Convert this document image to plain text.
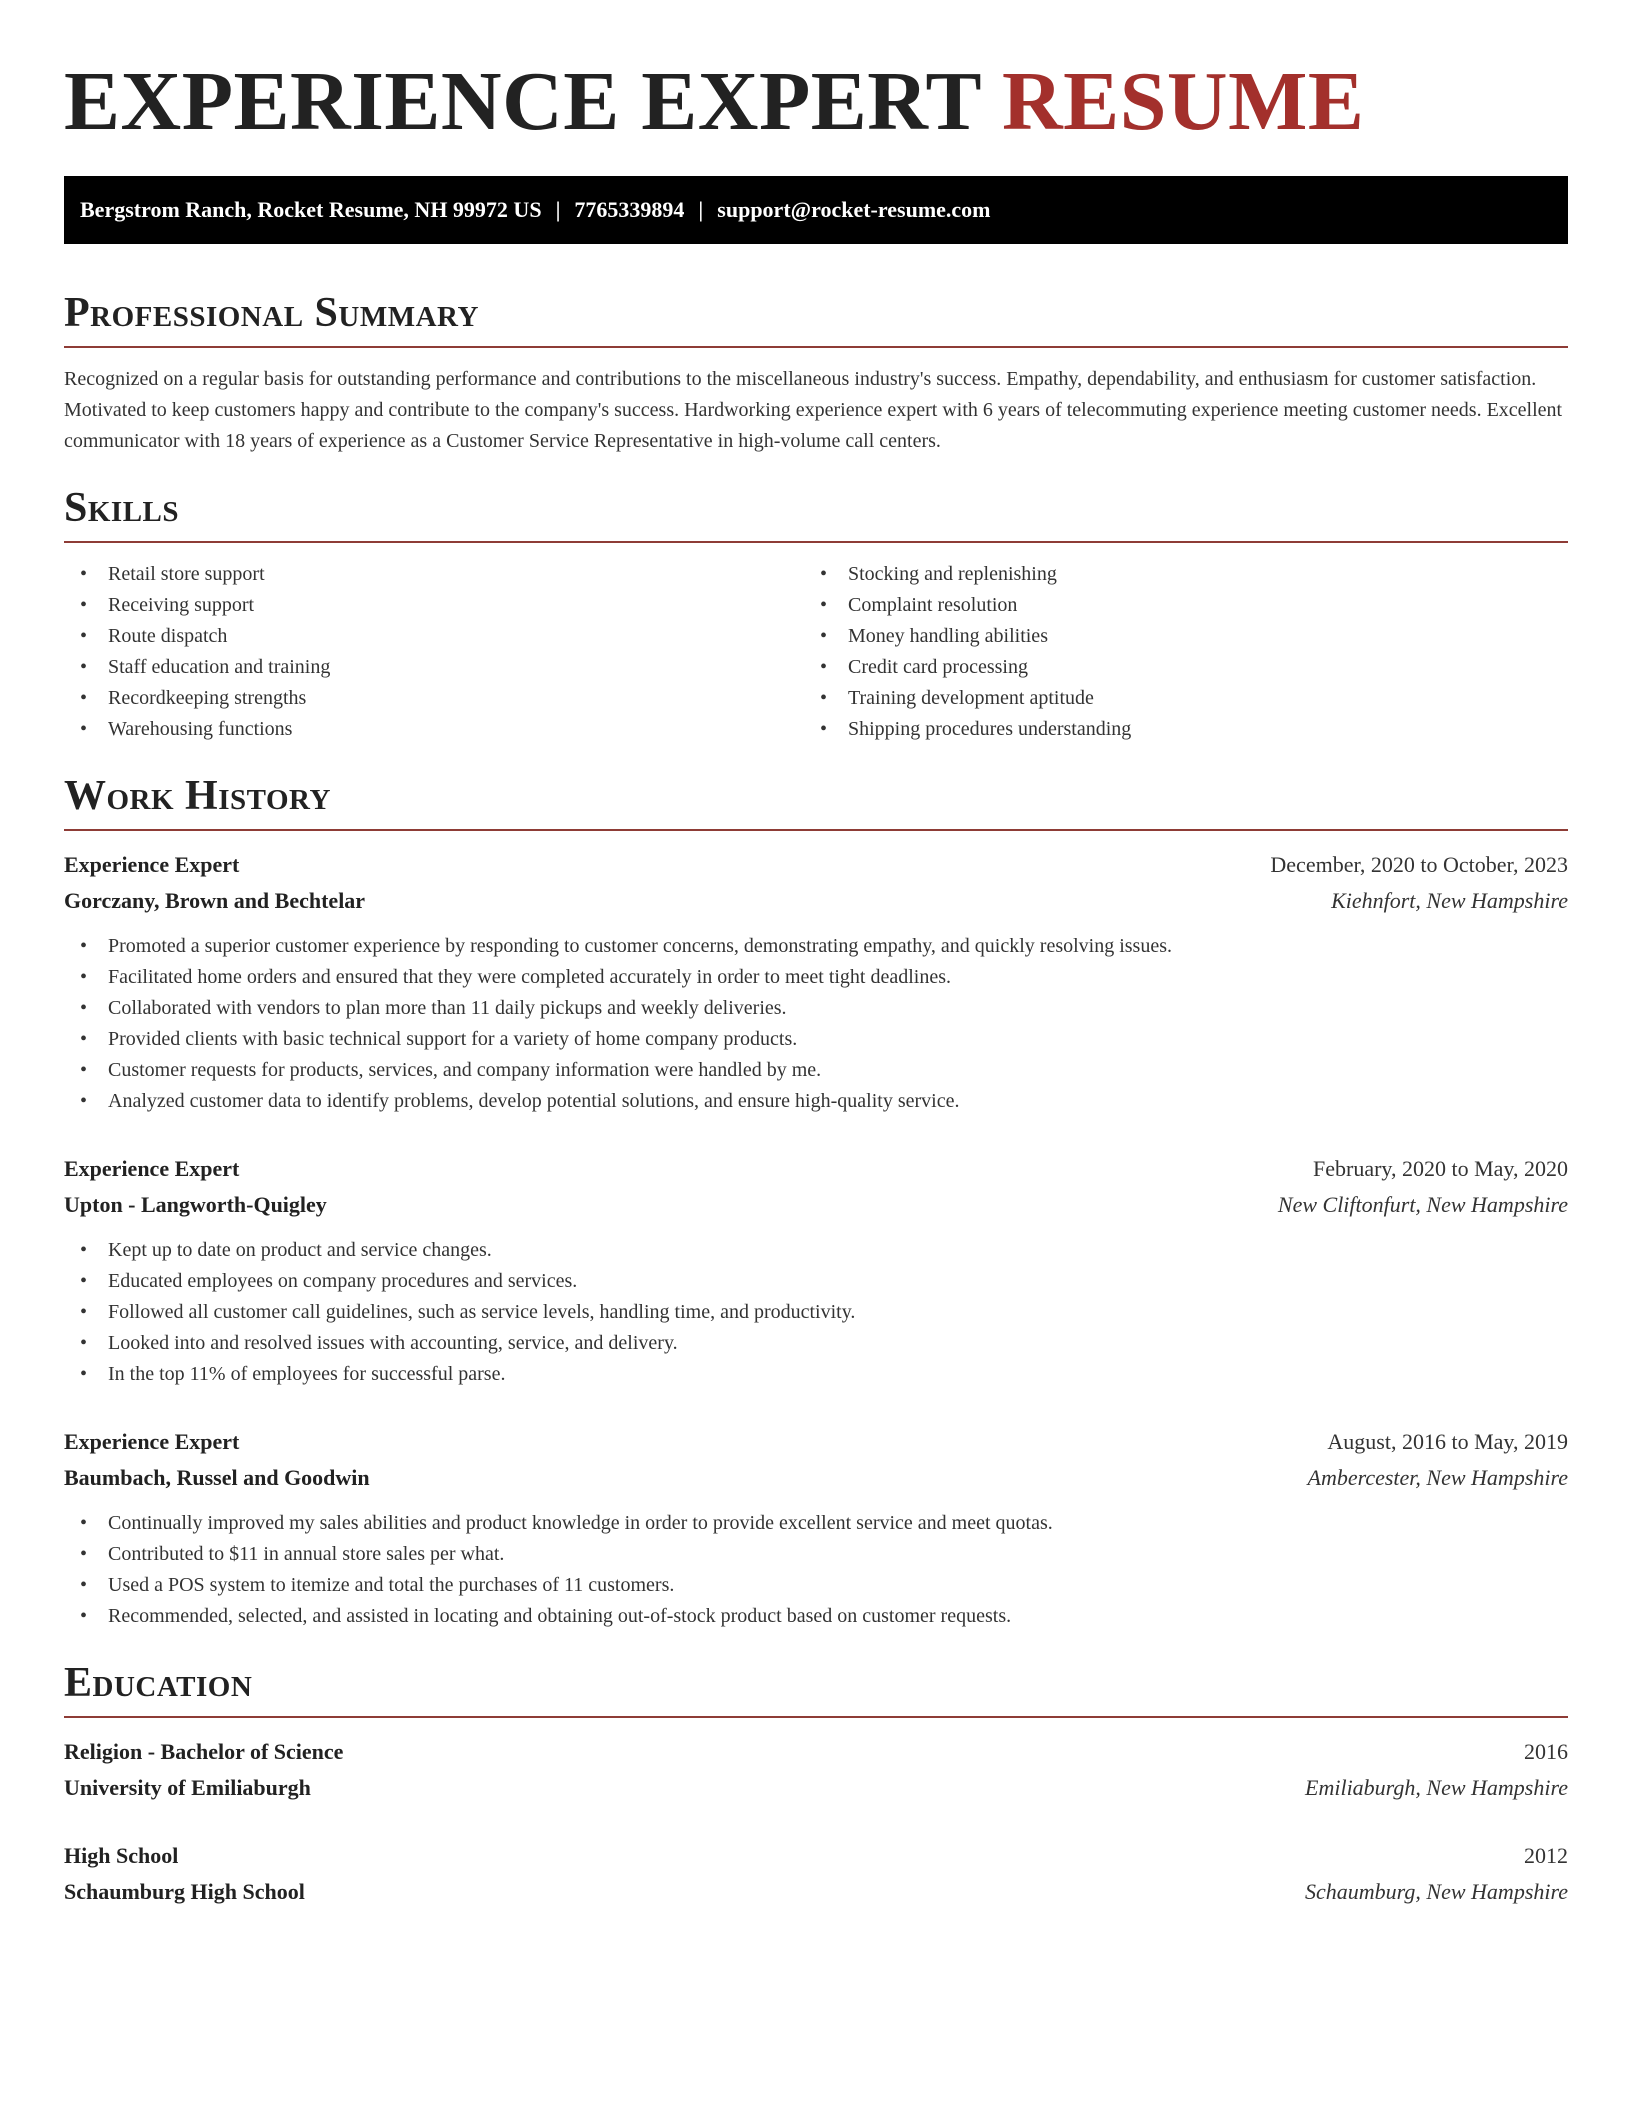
EXPERIENCE EXPERT RESUME
Bergstrom Ranch, Rocket Resume, NH 99972 US | 7765339894 | support@rocket-resume.com
Professional Summary

Recognized on a regular basis for outstanding performance and contributions to the miscellaneous industry's success. Empathy, dependability, and enthusiasm for customer satisfaction. Motivated to keep customers happy and contribute to the company's success. Hardworking experience expert with 6 years of telecommuting experience meeting customer needs. Excellent communicator with 18 years of experience as a Customer Service Representative in high-volume call centers.

Skills
• Retail store support
• Receiving support
• Route dispatch
• Staff education and training
• Recordkeeping strengths
• Warehousing functions
• Stocking and replenishing
• Complaint resolution
• Money handling abilities
• Credit card processing
• Training development aptitude
• Shipping procedures understanding
Work History
Experience Expert	December, 2020 to October, 2023
Gorczany, Brown and Bechtelar	Kiehnfort, New Hampshire
• Promoted a superior customer experience by responding to customer concerns, demonstrating empathy, and quickly resolving issues.
• Facilitated home orders and ensured that they were completed accurately in order to meet tight deadlines.
• Collaborated with vendors to plan more than 11 daily pickups and weekly deliveries.
• Provided clients with basic technical support for a variety of home company products.
• Customer requests for products, services, and company information were handled by me.
• Analyzed customer data to identify problems, develop potential solutions, and ensure high-quality service.
Experience Expert	February, 2020 to May, 2020
Upton - Langworth-Quigley	New Cliftonfurt, New Hampshire
• Kept up to date on product and service changes.
• Educated employees on company procedures and services.
• Followed all customer call guidelines, such as service levels, handling time, and productivity.
• Looked into and resolved issues with accounting, service, and delivery.
• In the top 11% of employees for successful parse.
Experience Expert	August, 2016 to May, 2019
Baumbach, Russel and Goodwin	Ambercester, New Hampshire
• Continually improved my sales abilities and product knowledge in order to provide excellent service and meet quotas.
• Contributed to $11 in annual store sales per what.
• Used a POS system to itemize and total the purchases of 11 customers.
• Recommended, selected, and assisted in locating and obtaining out-of-stock product based on customer requests.
Education
Religion - Bachelor of Science	2016
University of Emiliaburgh	Emiliaburgh, New Hampshire
High School	2012
Schaumburg High School	Schaumburg, New Hampshire
